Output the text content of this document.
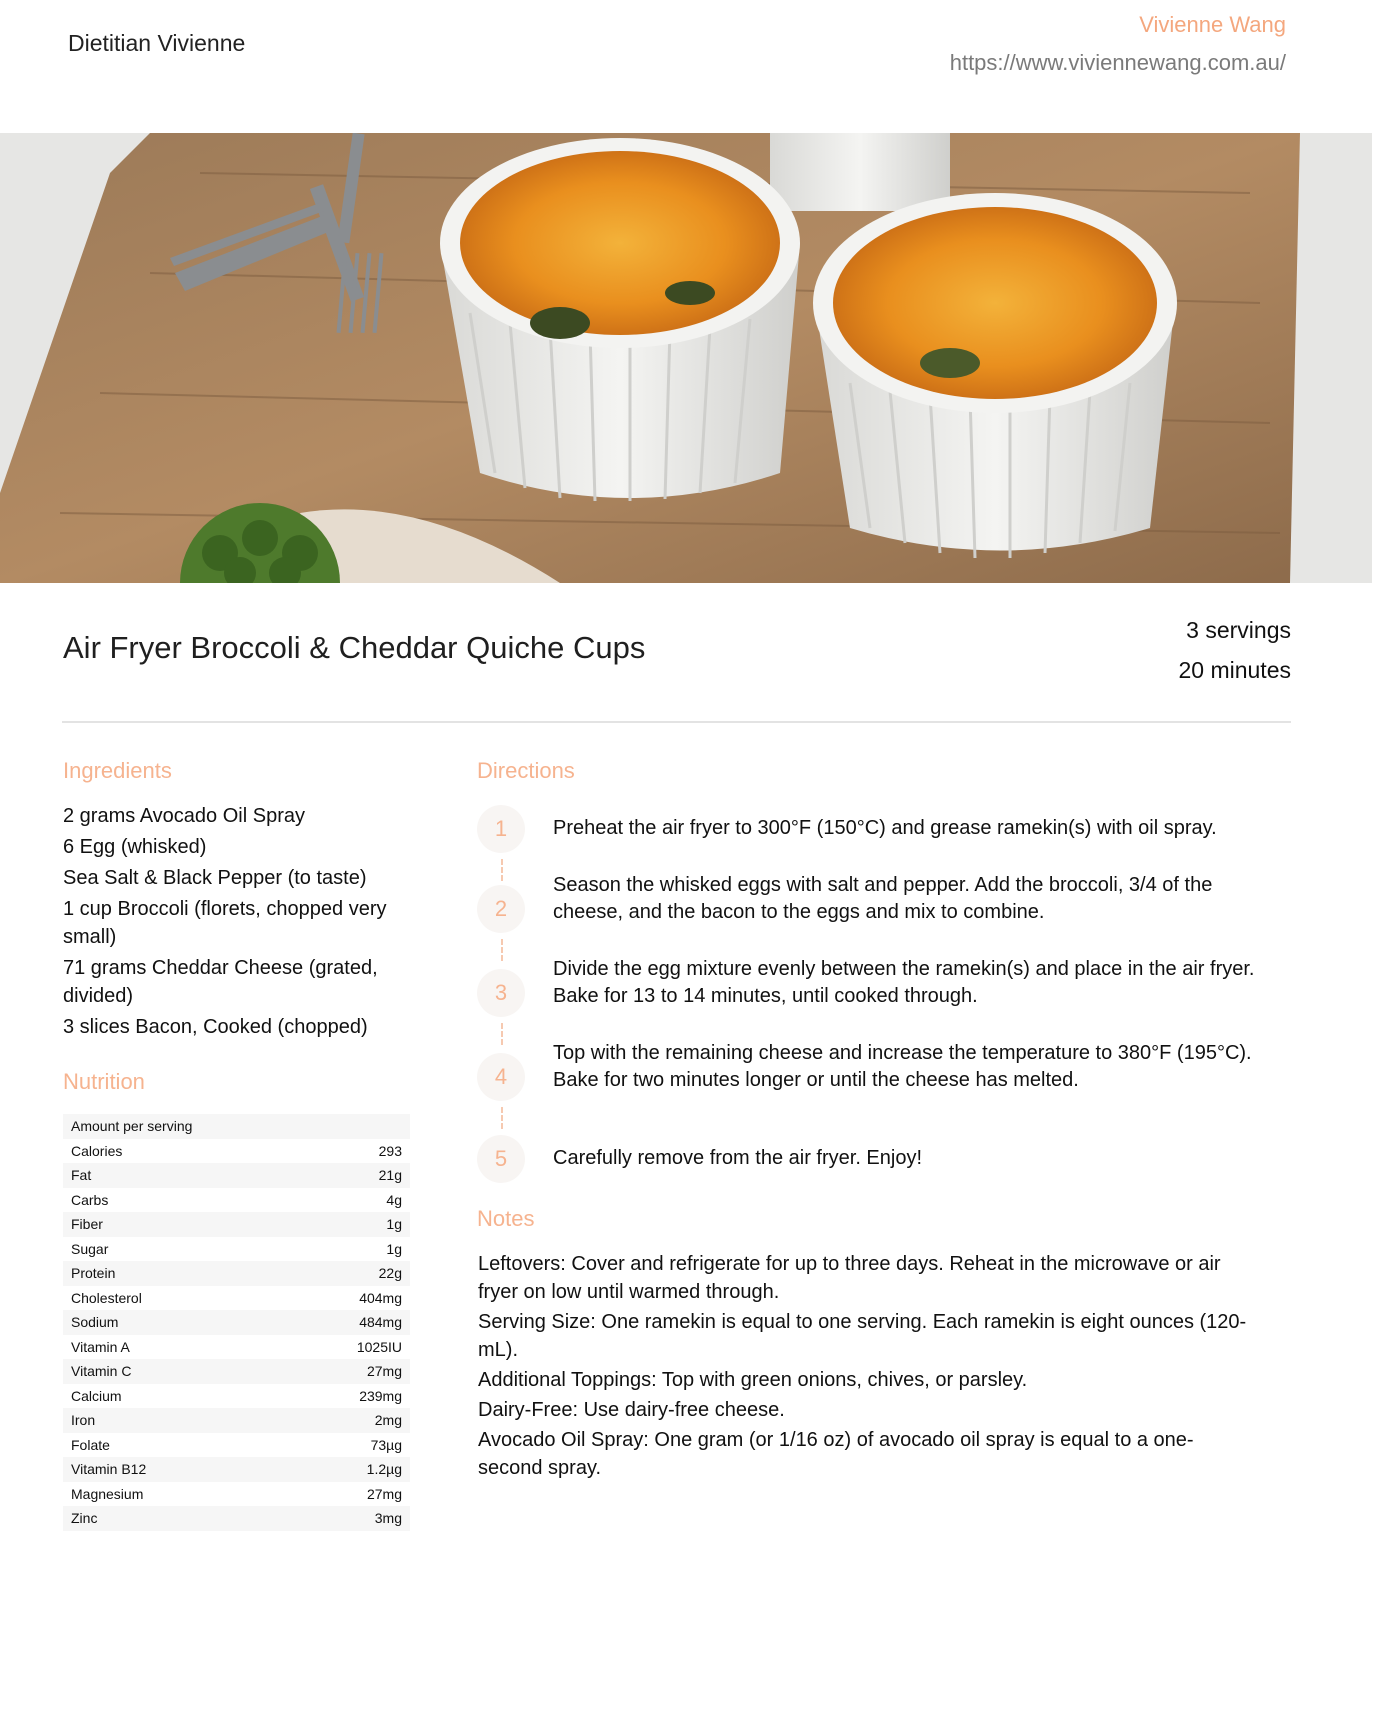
Dietitian Vivienne
Vivienne Wang
https://www.viviennewang.com.au/
Air Fryer Broccoli & Cheddar Quiche Cups	3 servings
20 minutes
Ingredients
2 grams Avocado Oil Spray
6 Egg (whisked)
Sea Salt & Black Pepper (to taste)
1 cup Broccoli (florets, chopped very small)
71 grams Cheddar Cheese (grated, divided)
3 slices Bacon, Cooked (chopped)
Nutrition
Amount per serving
Calories	293
Fat	21g
Carbs	4g
Fiber	1g
Sugar	1g
Protein	22g
Cholesterol	404mg
Sodium	484mg
Vitamin A	1025IU
Vitamin C	27mg
Calcium	239mg
Iron	2mg
Folate	73µg
Vitamin B12	1.2µg
Magnesium	27mg
Zinc	3mg
Directions
1	Preheat the air fryer to 300°F (150°C) and grease ramekin(s) with oil spray.
2
Season the whisked eggs with salt and pepper. Add the broccoli, 3/4 of the cheese, and the bacon to the eggs and mix to combine.
3
Divide the egg mixture evenly between the ramekin(s) and place in the air fryer. Bake for 13 to 14 minutes, until cooked through.
4
Top with the remaining cheese and increase the temperature to 380°F (195°C). Bake for two minutes longer or until the cheese has melted.
5	Carefully remove from the air fryer. Enjoy!
Notes
Leftovers: Cover and refrigerate for up to three days. Reheat in the microwave or air fryer on low until warmed through.
Serving Size: One ramekin is equal to one serving. Each ramekin is eight ounces (120-mL).
Additional Toppings: Top with green onions, chives, or parsley.
Dairy-Free: Use dairy-free cheese.
Avocado Oil Spray: One gram (or 1/16 oz) of avocado oil spray is equal to a one-second spray.
